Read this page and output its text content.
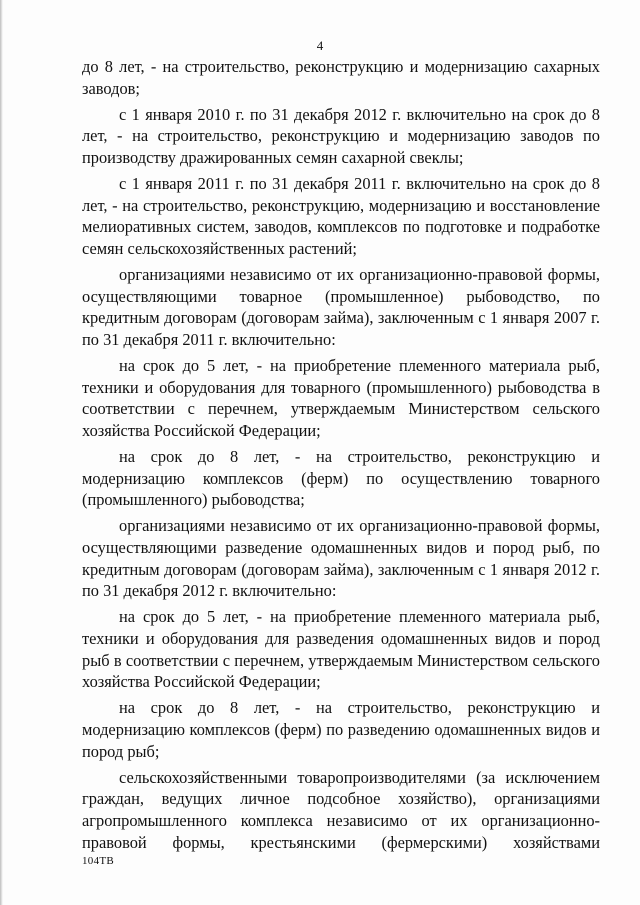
4

до 8 лет, - на строительство, реконструкцию и модернизацию сахарных заводов;

с 1 января 2010 г. по 31 декабря 2012 г. включительно на срок до 8 лет, - на строительство, реконструкцию и модернизацию заводов по производству дражированных семян сахарной свеклы;

с 1 января 2011 г. по 31 декабря 2011 г. включительно на срок до 8 лет, - на строительство, реконструкцию, модернизацию и восстановление мелиоративных систем, заводов, комплексов по подготовке и подработке семян сельскохозяйственных растений;

организациями независимо от их организационно-правовой формы, осуществляющими товарное (промышленное) рыбоводство, по кредитным договорам (договорам займа), заключенным с 1 января 2007 г. по 31 декабря 2011 г. включительно:

на срок до 5 лет, - на приобретение племенного материала рыб, техники и оборудования для товарного (промышленного) рыбоводства в соответствии с перечнем, утверждаемым Министерством сельского хозяйства Российской Федерации;

на срок до 8 лет, - на строительство, реконструкцию и модернизацию комплексов (ферм) по осуществлению товарного (промышленного) рыбоводства;

организациями независимо от их организационно-правовой формы, осуществляющими разведение одомашненных видов и пород рыб, по кредитным договорам (договорам займа), заключенным с 1 января 2012 г. по 31 декабря 2012 г. включительно:

на срок до 5 лет, - на приобретение племенного материала рыб, техники и оборудования для разведения одомашненных видов и пород рыб в соответствии с перечнем, утверждаемым Министерством сельского хозяйства Российской Федерации;

на срок до 8 лет, - на строительство, реконструкцию и модернизацию комплексов (ферм) по разведению одомашненных видов и пород рыб;

сельскохозяйственными товаропроизводителями (за исключением граждан, ведущих личное подсобное хозяйство), организациями агропромышленного комплекса независимо от их организационно-правовой формы, крестьянскими (фермерскими) хозяйствами

104ТВ
